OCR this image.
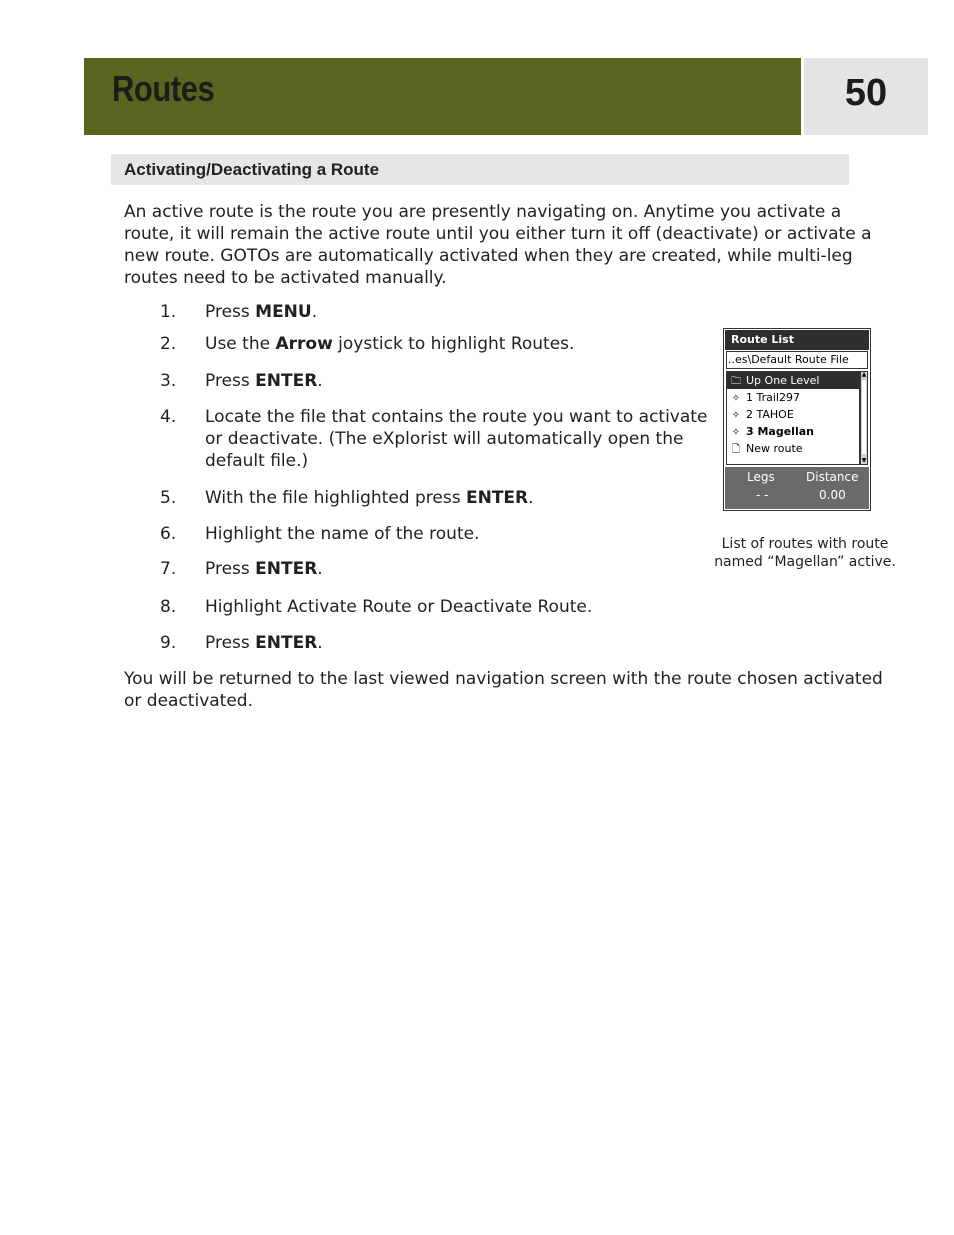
Routes	50
Activating/Deactivating a Route

An active route is the route you are presently navigating on. Anytime you activate a route, it will remain the active route until you either turn it off (deactivate) or activate a new route. GOTOs are automatically activated when they are created, while multi-leg routes need to be activated manually.

1. Press MENU.
2. Use the Arrow joystick to highlight Routes.
3. Press ENTER.
4. Locate the file that contains the route you want to activate or deactivate. (The eXplorist will automatically open the default file.)
5. With the file highlighted press ENTER.
6. Highlight the name of the route.
7. Press ENTER.
8. Highlight Activate Route or Deactivate Route.
9. Press ENTER.

You will be returned to the last viewed navigation screen with the route chosen activated or deactivated.

Route List
..es\Default Route File
🗀 Up One Level
✧ 1 Trail297
✧ 2 TAHOE
✧ 3 Magellan
🗋 New route
▲
▼
Legs	Distance
- -	0.00
List of routes with route named “Magellan” active.
